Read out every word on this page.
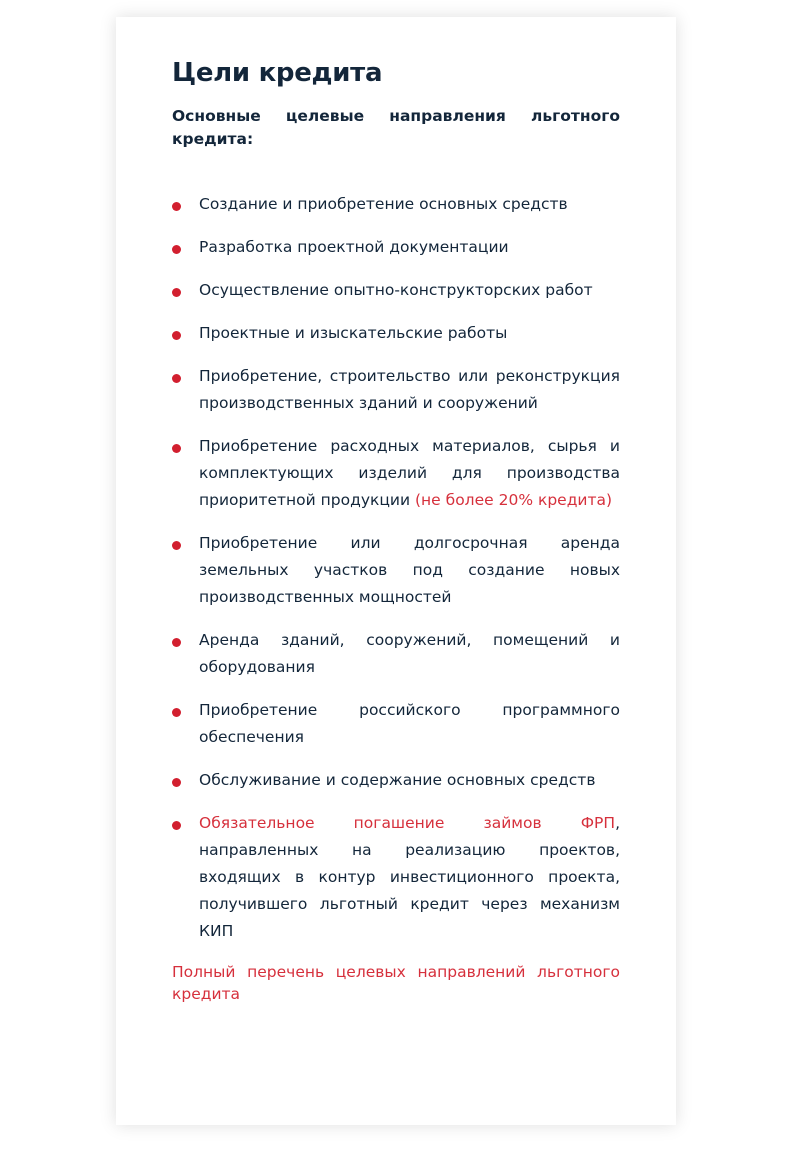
Цели кредита

Основные целевые направления льготного кредита:

Создание и приобретение основных средств
Разработка проектной документации
Осуществление опытно-конструкторских работ
Проектные и изыскательские работы
Приобретение, строительство или реконструкция производственных зданий и сооружений
Приобретение расходных материалов, сырья и комплектующих изделий для производства приоритетной продукции (не более 20% кредита)
Приобретение или долгосрочная аренда земельных участков под создание новых производственных мощностей
Аренда зданий, сооружений, помещений и оборудования
Приобретение российского программного обеспечения
Обслуживание и содержание основных средств
Обязательное погашение займов ФРП, направленных на реализацию проектов, входящих в контур инвестиционного проекта, получившего льготный кредит через механизм КИП
Полный перечень целевых направлений льготного кредита
